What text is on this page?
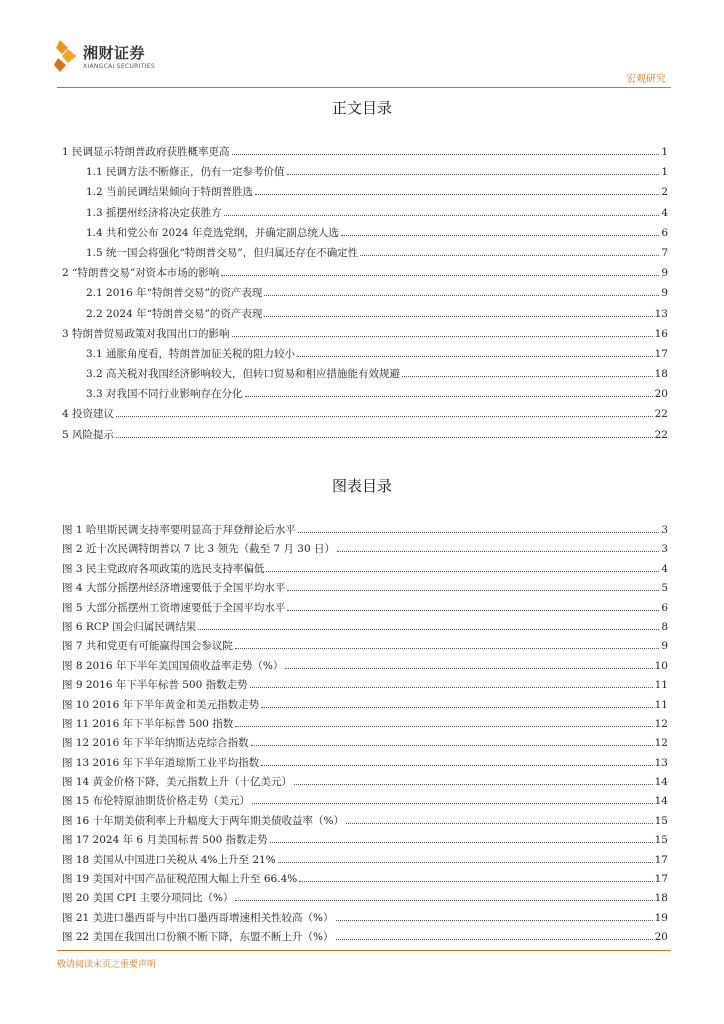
湘财证券
XIANGCAI SECURITIES
宏观研究
正文目录
1 民调显示特朗普政府获胜概率更高	1
1.1 民调方法不断修正，仍有一定参考价值	1
1.2 当前民调结果倾向于特朗普胜选	2
1.3 摇摆州经济将决定获胜方	4
1.4 共和党公布 2024 年竞选党纲，并确定副总统人选	6
1.5 统一国会将强化“特朗普交易”，但归属还存在不确定性	7
2 “特朗普交易”对资本市场的影响	9
2.1 2016 年“特朗普交易”的资产表现	9
2.2 2024 年“特朗普交易”的资产表现	13
3 特朗普贸易政策对我国出口的影响	16
3.1 通胀角度看，特朗普加征关税的阻力较小	17
3.2 高关税对我国经济影响较大，但转口贸易和相应措施能有效规避	18
3.3 对我国不同行业影响存在分化	20
4 投资建议	22
5 风险提示	22
图表目录
图 1 哈里斯民调支持率要明显高于拜登辩论后水平	3
图 2 近十次民调特朗普以 7 比 3 领先（截至 7 月 30 日）	3
图 3 民主党政府各项政策的选民支持率偏低	4
图 4 大部分摇摆州经济增速要低于全国平均水平	5
图 5 大部分摇摆州工资增速要低于全国平均水平	6
图 6 RCP 国会归属民调结果	8
图 7 共和党更有可能赢得国会参议院	9
图 8 2016 年下半年美国国债收益率走势（%）	10
图 9 2016 年下半年标普 500 指数走势	11
图 10 2016 年下半年黄金和美元指数走势	11
图 11 2016 年下半年标普 500 指数	12
图 12 2016 年下半年纳斯达克综合指数	12
图 13 2016 年下半年道琼斯工业平均指数	13
图 14 黄金价格下降，美元指数上升（十亿美元）	14
图 15 布伦特原油期货价格走势（美元）	14
图 16 十年期美债利率上升幅度大于两年期美债收益率（%）	15
图 17 2024 年 6 月美国标普 500 指数走势	15
图 18 美国从中国进口关税从 4%上升至 21%	17
图 19 美国对中国产品征税范围大幅上升至 66.4%	17
图 20 美国 CPI 主要分项同比（%）	18
图 21 美进口墨西哥与中出口墨西哥增速相关性较高（%）	19
图 22 美国在我国出口份额不断下降，东盟不断上升（%）	20
敬请阅读末页之重要声明
